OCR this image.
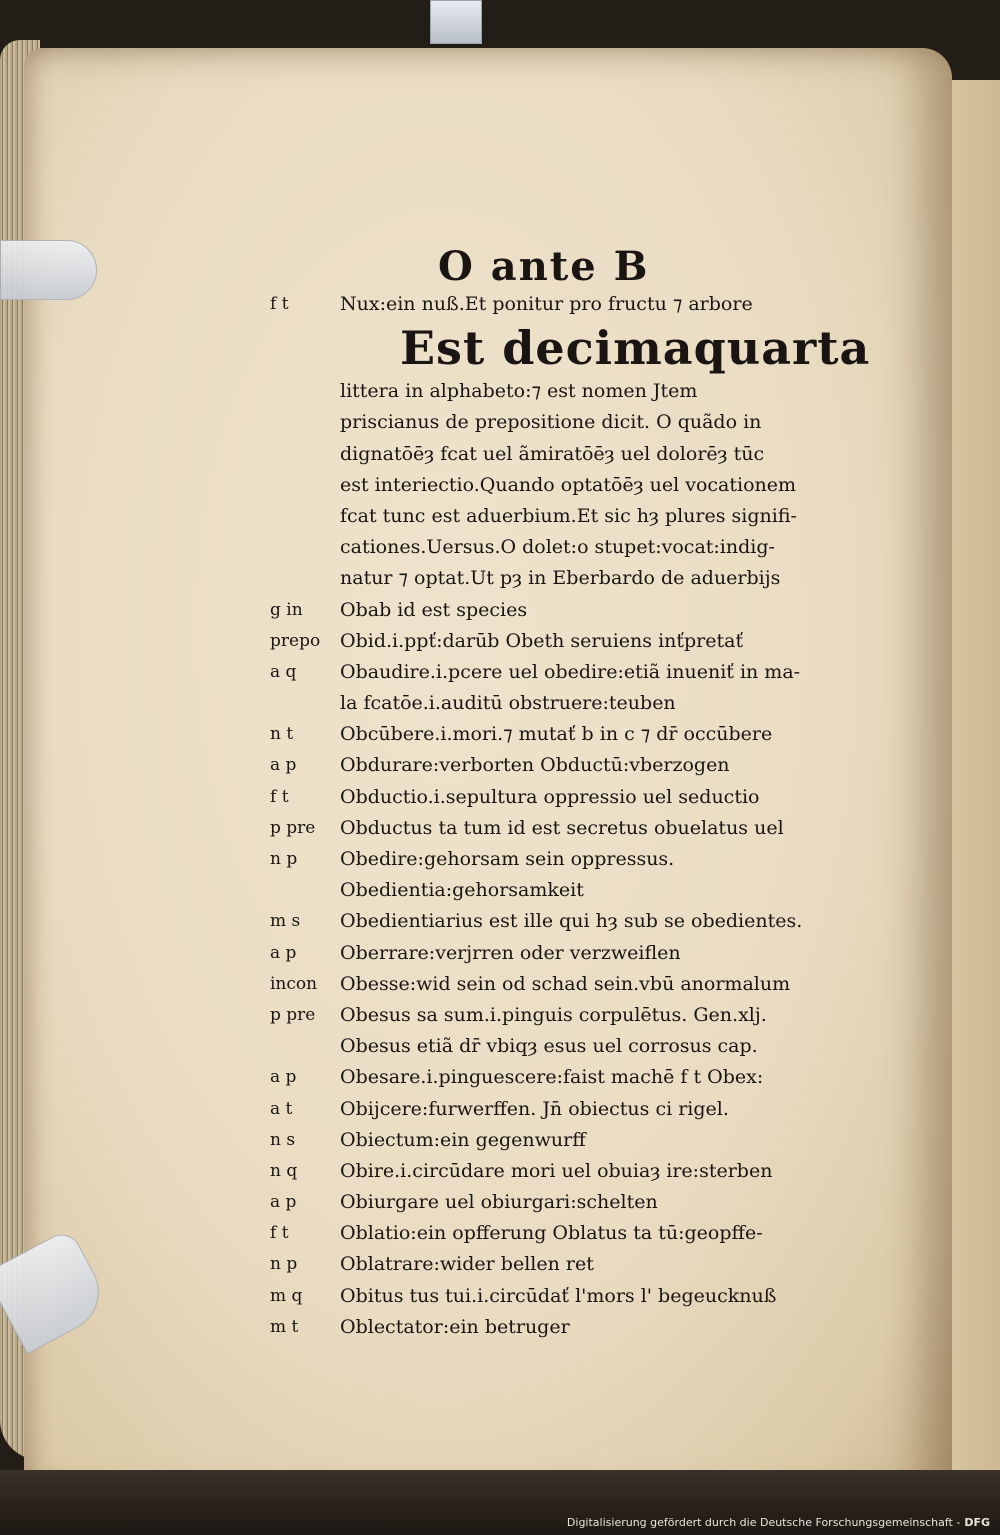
O ante B
f t	Nux:ein nuß.Et ponitur pro fructu ⁊ arbore
Est decimaquarta
littera in alphabeto:⁊ est nomen Jtem
priscianus de prepositione dicit. O quãdo in
dignatōēȝ fcat uel ãmiratōēȝ uel dolorēȝ tūc
est interiectio.Quando optatōēȝ uel vocationem
fcat tunc est aduerbium.Et sic hȝ plures signifi-
cationes.Uersus.O dolet:o stupet:vocat:indig-
natur ⁊ optat.Ut pȝ in Eberbardo de aduerbijs
g in	Obab id est species
prepo	Obid.i.ppť:darūb Obeth seruiens inťpretať
a q	Obaudire.i.pcere uel obedire:etiã inueniť in ma-
la fcatōe.i.auditū obstruere:teuben
n t	Obcūbere.i.mori.⁊ mutať b in c ⁊ dr̄ occūbere
a p	Obdurare:verborten Obductū:vberzogen
f t	Obductio.i.sepultura oppressio uel seductio
p pre	Obductus ta tum id est secretus obuelatus uel
n p	Obedire:gehorsam sein oppressus.
Obedientia:gehorsamkeit
m s	Obedientiarius est ille qui hȝ sub se obedientes.
a p	Oberrare:verjrren oder verzweiflen
incon	Obesse:wid sein od schad sein.vbū anormalum
p pre	Obesus sa sum.i.pinguis corpulētus. Gen.xlj.
Obesus etiã dr̄ vbiqȝ esus uel corrosus cap.
a p	Obesare.i.pinguescere:faist machē f t Obex:
a t	Obijcere:furwerffen. Jn̄ obiectus ci rigel.
n s	Obiectum:ein gegenwurff
n q	Obire.i.circūdare mori uel obuiaȝ ire:sterben
a p	Obiurgare uel obiurgari:schelten
f t	Oblatio:ein opfferung Oblatus ta tū:geopffe-
n p	Oblatrare:wider bellen ret
m q	Obitus tus tui.i.circūdať l'mors l' begeucknuß
m t	Oblectator:ein betruger
Digitalisierung gefördert durch die Deutsche Forschungsgemeinschaft - DFG
